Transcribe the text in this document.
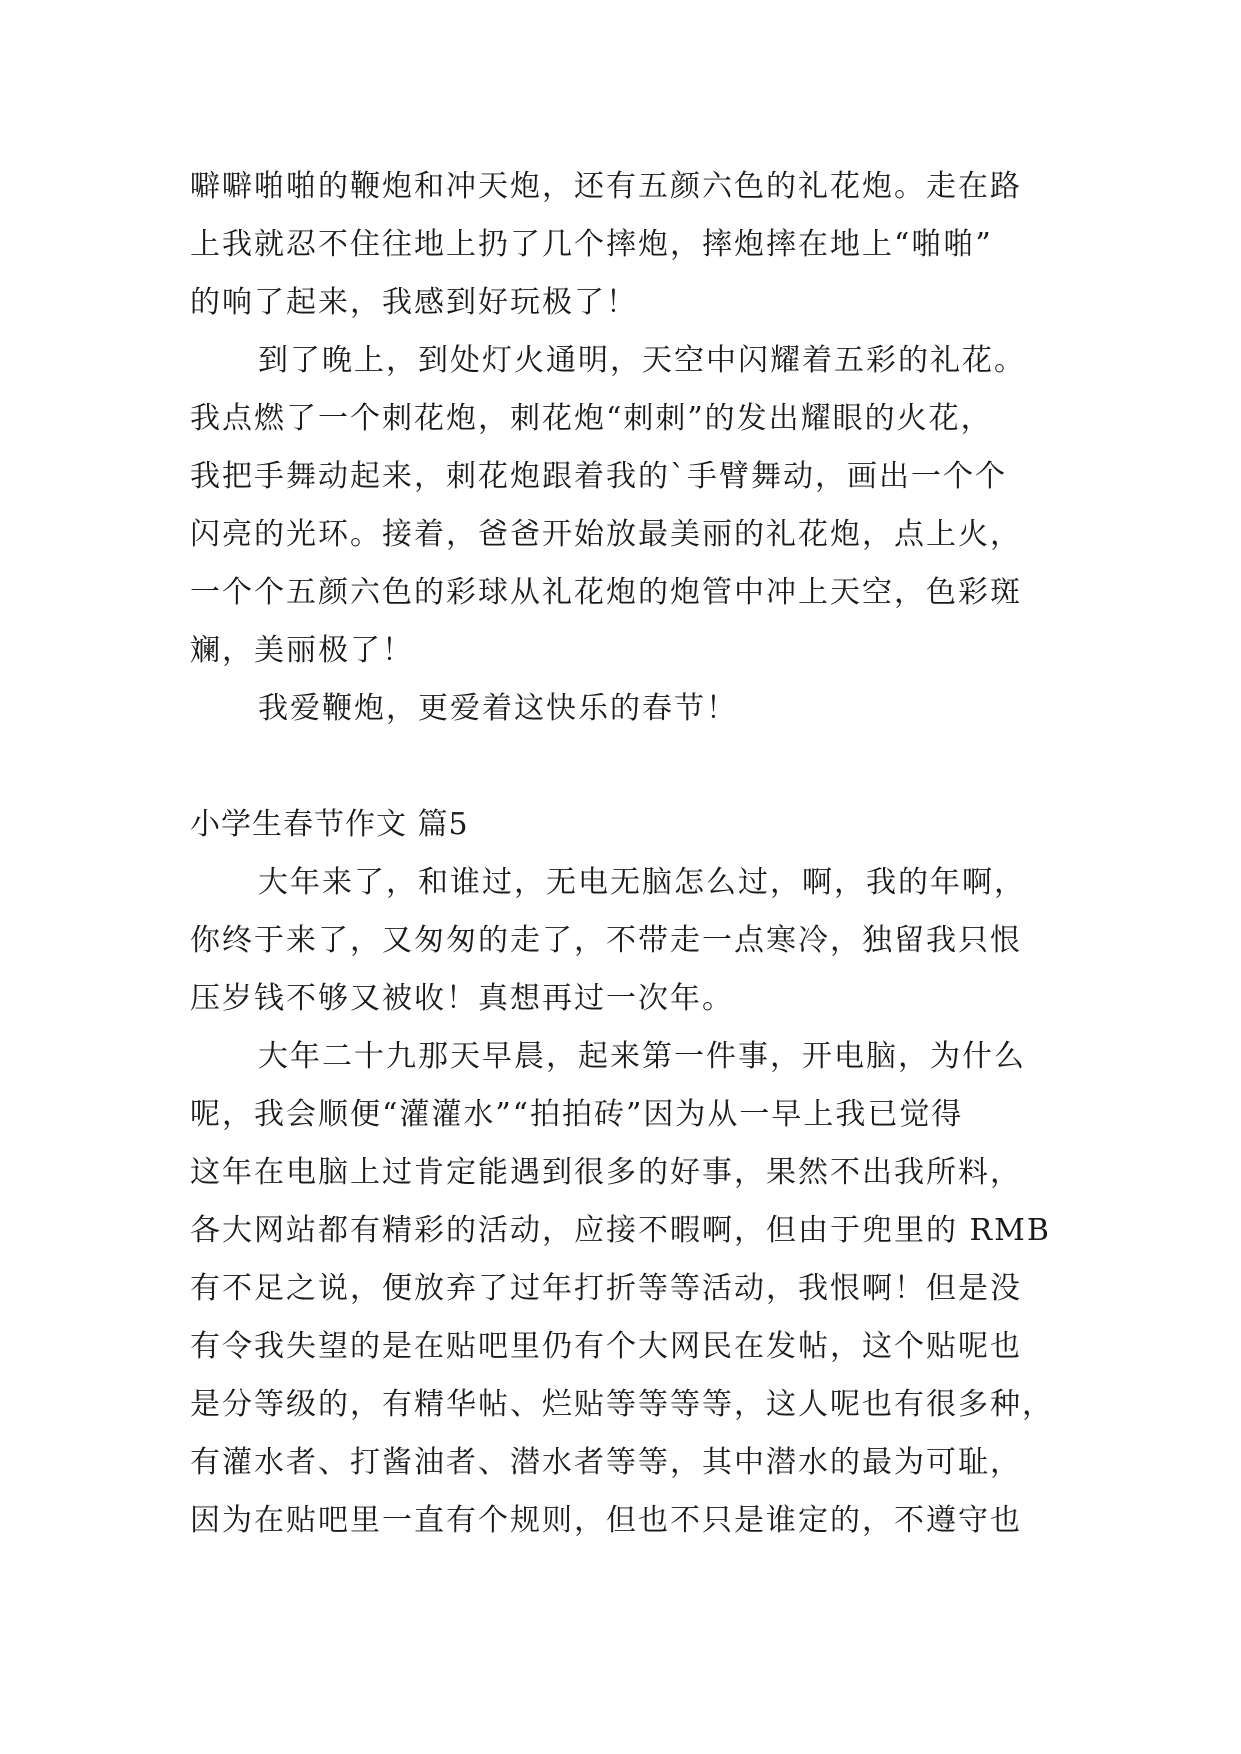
噼噼啪啪的鞭炮和冲天炮，还有五颜六色的礼花炮。走在路
上我就忍不住往地上扔了几个摔炮，摔炮摔在地上“啪啪”
的响了起来，我感到好玩极了！
到了晚上，到处灯火通明，天空中闪耀着五彩的礼花。
我点燃了一个刺花炮，刺花炮“刺刺”的发出耀眼的火花，
我把手舞动起来，刺花炮跟着我的`手臂舞动，画出一个个
闪亮的光环。接着，爸爸开始放最美丽的礼花炮，点上火，
一个个五颜六色的彩球从礼花炮的炮管中冲上天空，色彩斑
斓，美丽极了！
我爱鞭炮，更爱着这快乐的春节！
小学生春节作文 篇5
大年来了，和谁过，无电无脑怎么过，啊，我的年啊，
你终于来了，又匆匆的走了，不带走一点寒冷，独留我只恨
压岁钱不够又被收！真想再过一次年。
大年二十九那天早晨，起来第一件事，开电脑，为什么
呢，我会顺便“灌灌水”“拍拍砖”因为从一早上我已觉得
这年在电脑上过肯定能遇到很多的好事，果然不出我所料，
各大网站都有精彩的活动，应接不暇啊，但由于兜里的 RMB
有不足之说，便放弃了过年打折等等活动，我恨啊！但是没
有令我失望的是在贴吧里仍有个大网民在发帖，这个贴呢也
是分等级的，有精华帖、烂贴等等等等，这人呢也有很多种，
有灌水者、打酱油者、潜水者等等，其中潜水的最为可耻，
因为在贴吧里一直有个规则，但也不只是谁定的，不遵守也
